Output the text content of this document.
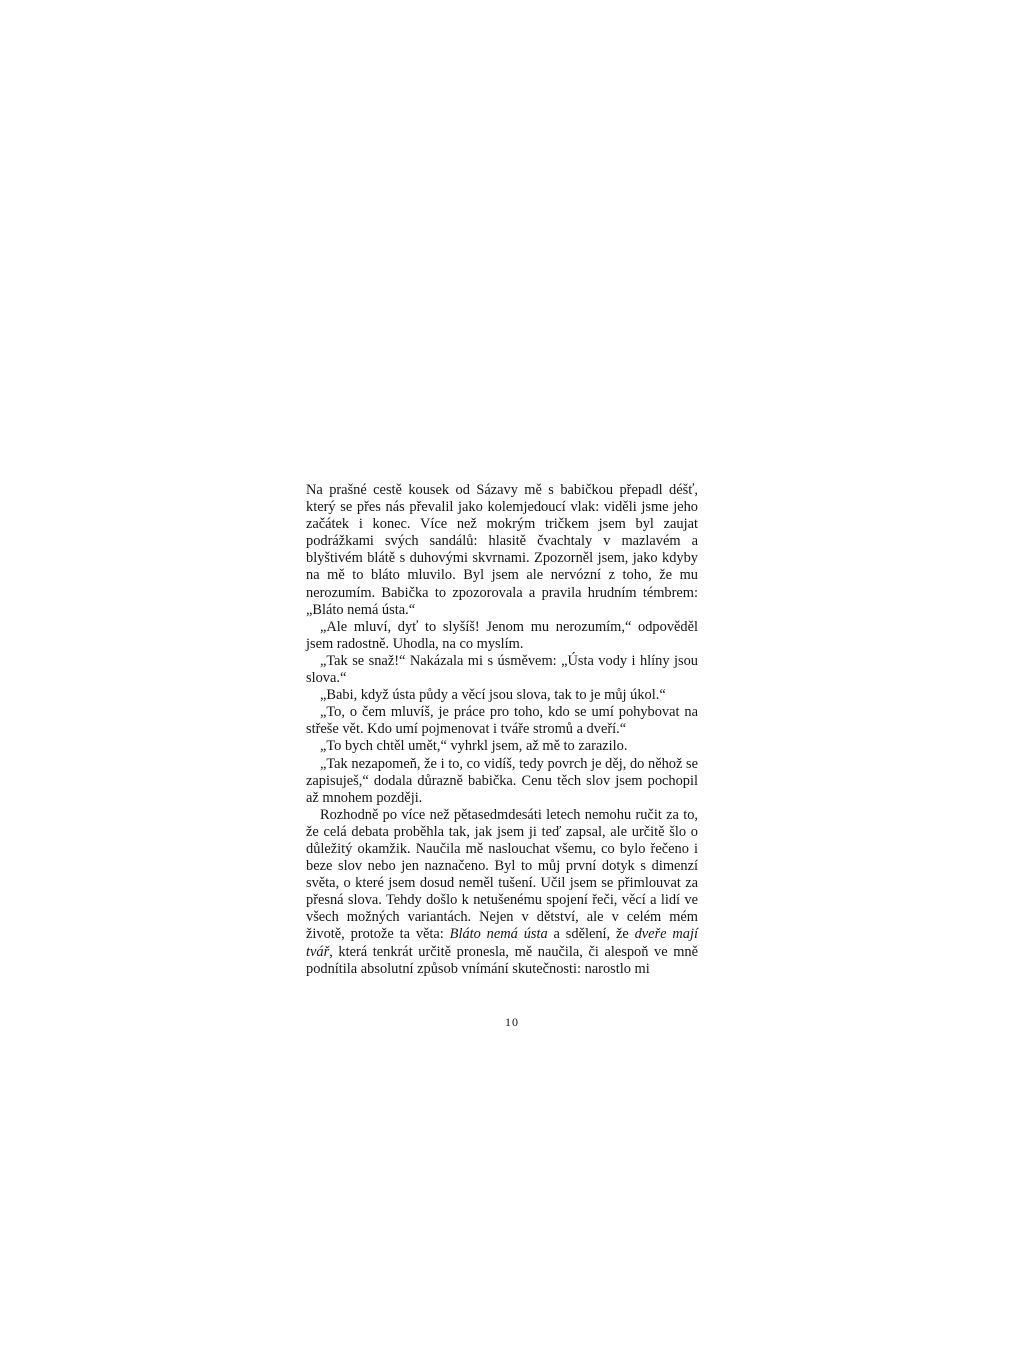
Na prašné cestě kousek od Sázavy mě s babičkou přepadl déšť, který se přes nás převalil jako kolemjedoucí vlak: viděli jsme jeho začátek i konec. Více než mokrým tričkem jsem byl zaujat podrážkami svých sandálů: hlasitě čvachtaly v mazlavém a blyštivém blátě s duhovými skvrnami. Zpozorněl jsem, jako kdyby na mě to bláto mluvilo. Byl jsem ale nervózní z toho, že mu nerozumím. Babička to zpozorovala a pravila hrudním témbrem: „Bláto nemá ústa.“

„Ale mluví, dyť to slyšíš! Jenom mu nerozumím,“ odpověděl jsem radostně. Uhodla, na co myslím.

„Tak se snaž!“ Nakázala mi s úsměvem: „Ústa vody i hlíny jsou slova.“

„Babi, když ústa půdy a věcí jsou slova, tak to je můj úkol.“

„To, o čem mluvíš, je práce pro toho, kdo se umí pohybovat na střeše vět. Kdo umí pojmenovat i tváře stromů a dveří.“

„To bych chtěl umět,“ vyhrkl jsem, až mě to zarazilo.

„Tak nezapomeň, že i to, co vidíš, tedy povrch je děj, do něhož se zapisuješ,“ dodala důrazně babička. Cenu těch slov jsem pochopil až mnohem později.

Rozhodně po více než pětasedmdesáti letech nemohu ručit za to, že celá debata proběhla tak, jak jsem ji teď zapsal, ale určitě šlo o důležitý okamžik. Naučila mě naslouchat všemu, co bylo řečeno i beze slov nebo jen naznačeno. Byl to můj první dotyk s dimenzí světa, o které jsem dosud neměl tušení. Učil jsem se přimlouvat za přesná slova. Tehdy došlo k netušenému spojení řeči, věcí a lidí ve všech možných variantách. Nejen v dětství, ale v celém mém životě, protože ta věta: Bláto nemá ústa a sdělení, že dveře mají tvář, která tenkrát určitě pronesla, mě naučila, či alespoň ve mně podnítila absolutní způsob vnímání skutečnosti: narostlo mi

10
